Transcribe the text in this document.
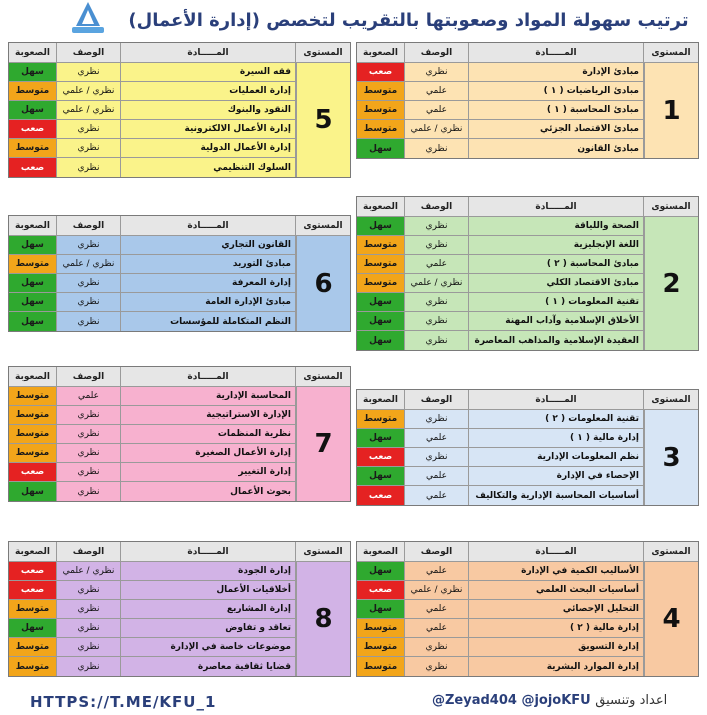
ترتيب سهولة المواد وصعوبتها بالتقريب لتخصص (إدارة الأعمال)
الصعوبة	الوصف	المـــــادة	المستوى
صعب	نظري	مبادئ الإدارة
متوسط	علمي	مبادئ الرياضيات ( ١ )
متوسط	علمي	مبادئ المحاسبة ( ١ )
متوسط	نظري / علمي	مبادئ الاقتصاد الجزئي
سهل	نظري	مبادئ القانون
1
الصعوبة	الوصف	المـــــادة	المستوى
سهل	نظري	الصحة واللياقة
متوسط	نظري	اللغة الإنجليزية
متوسط	علمي	مبادئ المحاسبة ( ٢ )
متوسط	نظري / علمي	مبادئ الاقتصاد الكلي
سهل	نظري	تقنية المعلومات ( ١ )
سهل	نظري	الأخلاق الإسلامية وآداب المهنة
سهل	نظري	العقيدة الإسلامية والمذاهب المعاصرة
2
الصعوبة	الوصف	المـــــادة	المستوى
متوسط	نظري	تقنية المعلومات ( ٢ )
سهل	علمي	إدارة مالية ( ١ )
صعب	نظري	نظم المعلومات الإدارية
سهل	علمي	الإحصاء في الإدارة
صعب	علمي	أساسيات المحاسبة الإدارية والتكاليف
3
الصعوبة	الوصف	المـــــادة	المستوى
سهل	علمي	الأساليب الكمية في الإدارة
صعب	نظري / علمي	أساسيات البحث العلمي
سهل	علمي	التحليل الإحصائي
متوسط	علمي	إدارة مالية ( ٢ )
متوسط	نظري	إدارة التسويق
متوسط	نظري	إدارة الموارد البشرية
4
الصعوبة	الوصف	المـــــادة	المستوى
سهل	نظري	فقه السيرة
متوسط	نظري / علمي	إدارة العمليات
سهل	نظري / علمي	النقود والبنوك
صعب	نظري	إدارة الأعمال الالكترونية
متوسط	نظري	إدارة الأعمال الدولية
صعب	نظري	السلوك التنظيمي
5
الصعوبة	الوصف	المـــــادة	المستوى
سهل	نظري	القانون التجاري
متوسط	نظري / علمي	مبادئ التوريد
سهل	نظري	إدارة المعرفة
سهل	نظري	مبادئ الإدارة العامة
سهل	نظري	النظم المتكاملة للمؤسسات
6
الصعوبة	الوصف	المـــــادة	المستوى
متوسط	علمي	المحاسبة الإدارية
متوسط	نظري	الإدارة الاستراتيجية
متوسط	نظري	نظرية المنظمات
متوسط	نظري	إدارة الأعمال الصغيرة
صعب	نظري	إدارة التغيير
سهل	نظري	بحوث الأعمال
7
الصعوبة	الوصف	المـــــادة	المستوى
صعب	نظري / علمي	إدارة الجودة
صعب	نظري	أخلاقيات الأعمال
متوسط	نظري	إدارة المشاريع
سهل	نظري	تعاقد و تفاوض
متوسط	نظري	موضوعات خاصة في الإدارة
متوسط	نظري	قضايا ثقافية معاصرة
8
HTTPS://T.ME/KFU_1	@Zeyad404 @jojoKFU اعداد وتنسيق
